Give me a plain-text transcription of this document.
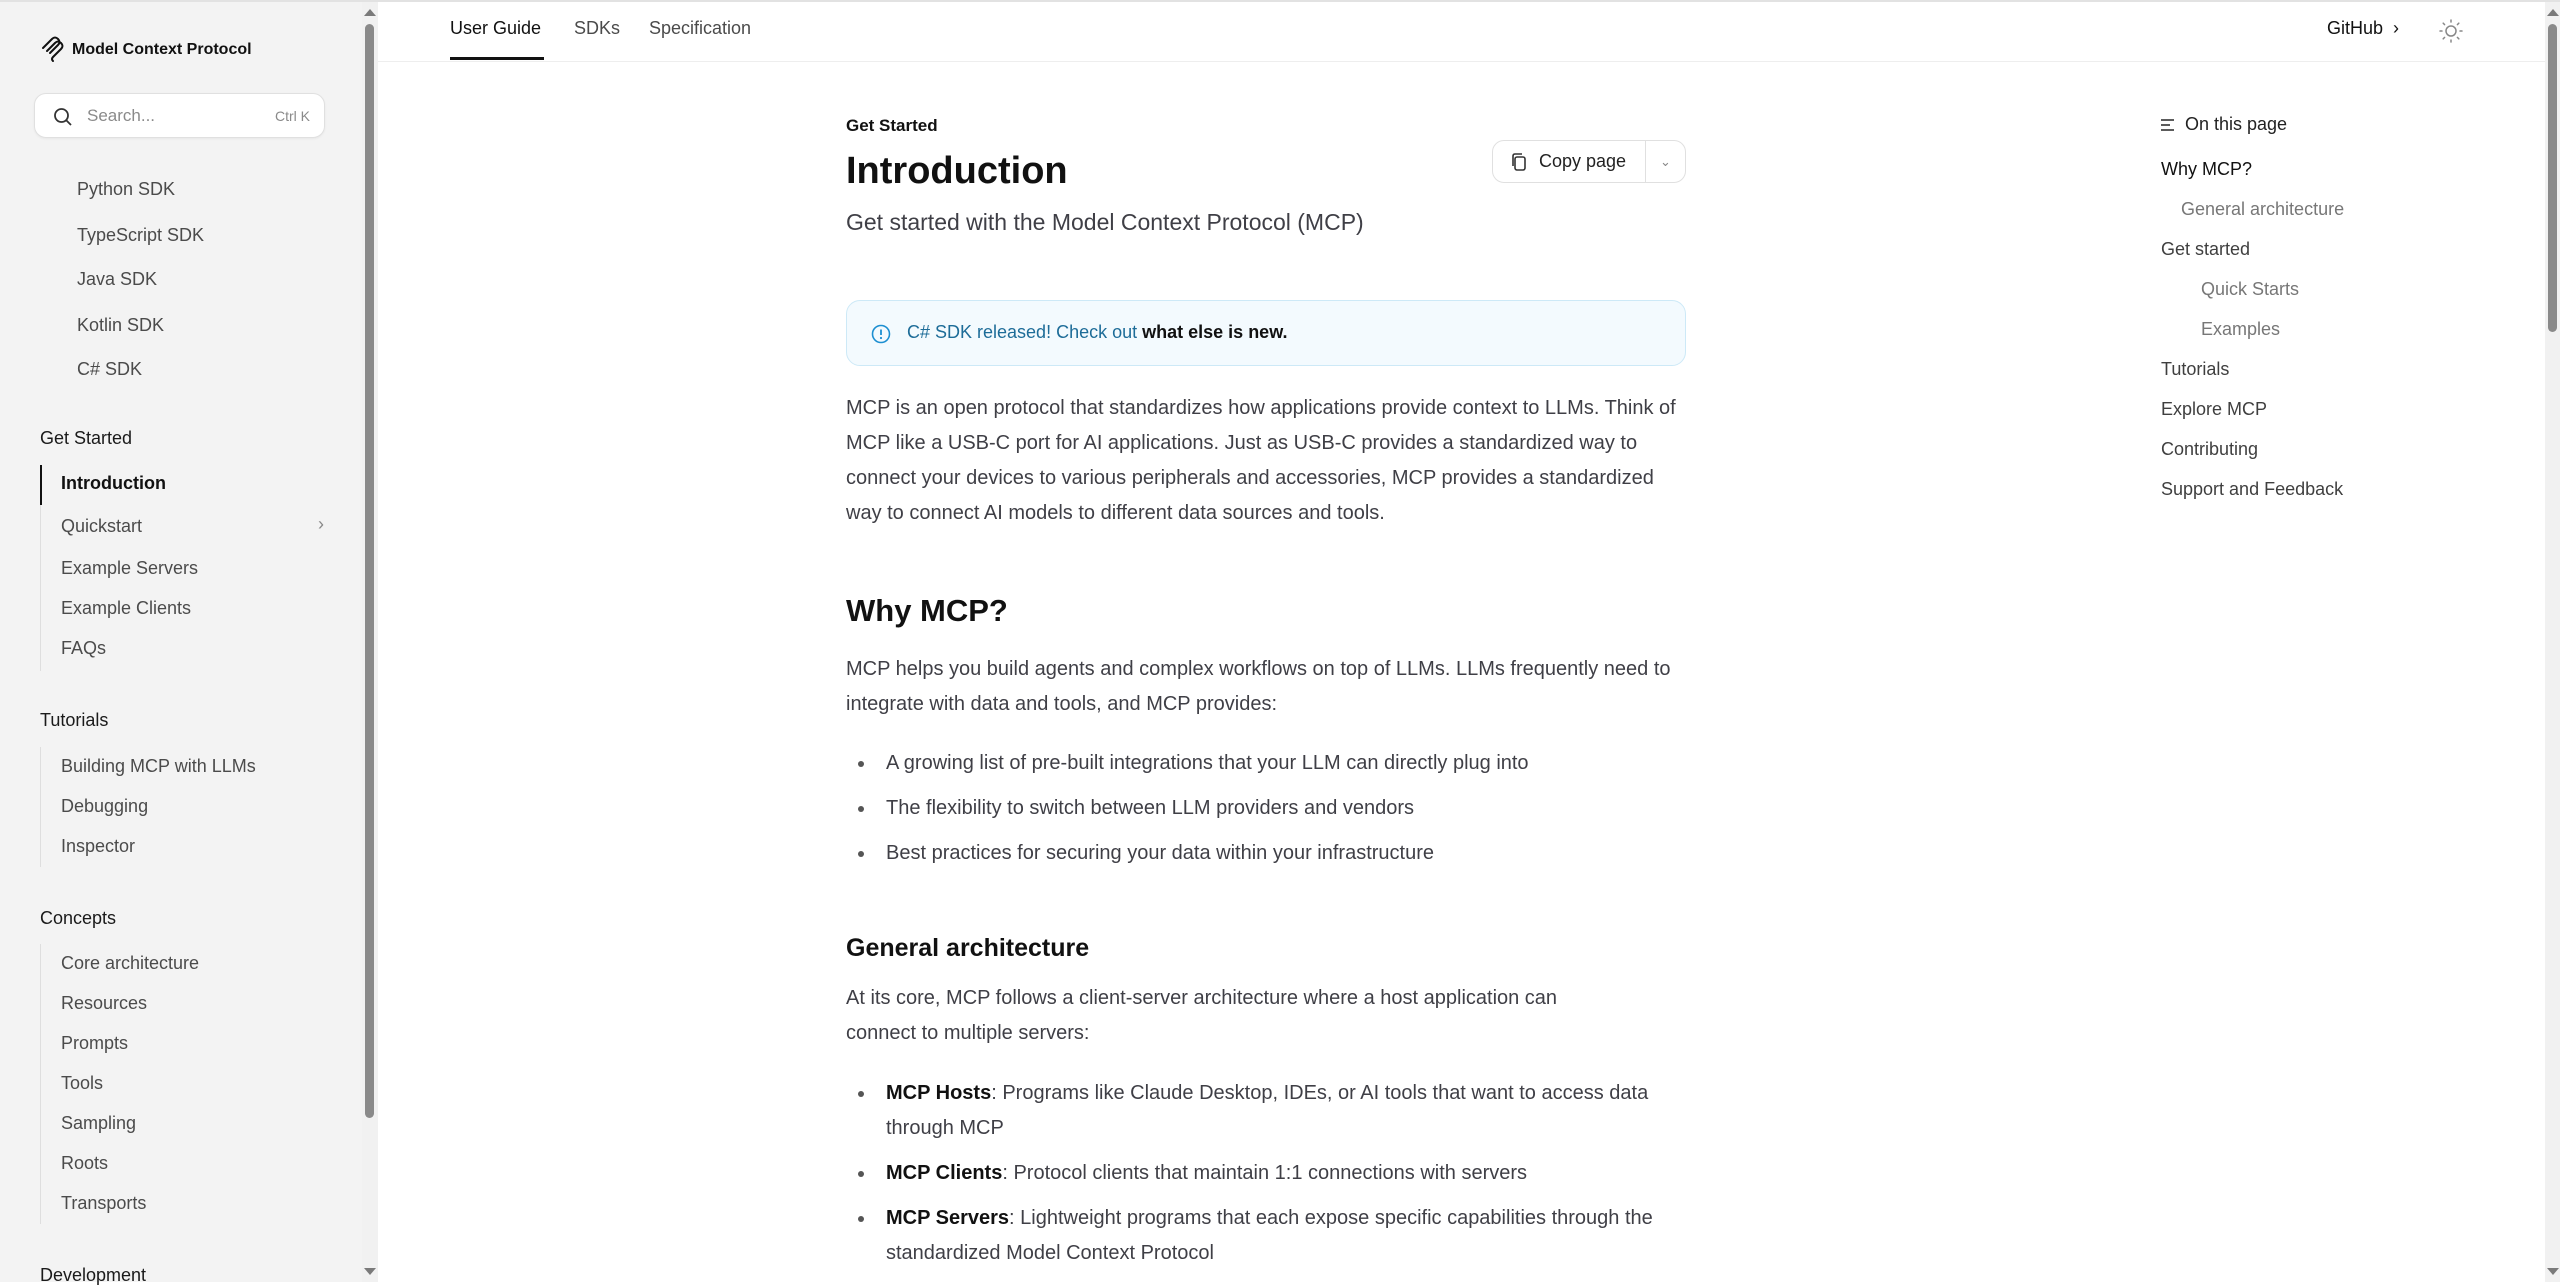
Model Context Protocol
Search...	Ctrl K
Python SDK
TypeScript SDK
Java SDK
Kotlin SDK
C# SDK
Get Started
Introduction
Quickstart	›
Example Servers
Example Clients
FAQs
Tutorials
Building MCP with LLMs
Debugging
Inspector
Concepts
Core architecture
Resources
Prompts
Tools
Sampling
Roots
Transports
Development
User Guide SDKs Specification	GitHub ›
Get Started
Introduction

Get started with the Model Context Protocol (MCP)

Copy page	⌄
C# SDK released! Check out what else is new.

MCP is an open protocol that standardizes how applications provide context to LLMs. Think of MCP like a USB-C port for AI applications. Just as USB-C provides a standardized way to connect your devices to various peripherals and accessories, MCP provides a standardized way to connect AI models to different data sources and tools.

Why MCP?

MCP helps you build agents and complex workflows on top of LLMs. LLMs frequently need to integrate with data and tools, and MCP provides:

A growing list of pre-built integrations that your LLM can directly plug into
The flexibility to switch between LLM providers and vendors
Best practices for securing your data within your infrastructure
General architecture

At its core, MCP follows a client-server architecture where a host application can connect to multiple servers:

MCP Hosts: Programs like Claude Desktop, IDEs, or AI tools that want to access data through MCP
MCP Clients: Protocol clients that maintain 1:1 connections with servers
MCP Servers: Lightweight programs that each expose specific capabilities through the standardized Model Context Protocol
On this page
Why MCP?
General architecture
Get started
Quick Starts
Examples
Tutorials
Explore MCP
Contributing
Support and Feedback
